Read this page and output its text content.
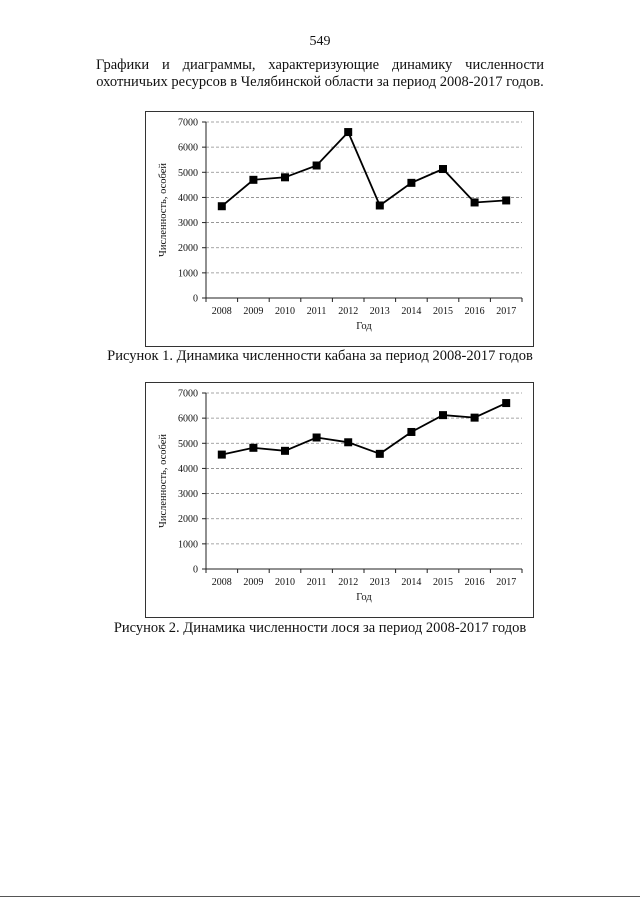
549
Графики и диаграммы, характеризующие динамику численности охотничьих ресурсов в Челябинской области за период 2008-2017 годов.
0
1000
2000
3000
4000
5000
6000
7000
2008 2009 2010 2011 2012 2013 2014 2015 2016 2017
Год
Численность, особей
Рисунок 1. Динамика численности кабана за период 2008-2017 годов
0
1000
2000
3000
4000
5000
6000
7000
2008 2009 2010 2011 2012 2013 2014 2015 2016 2017
Год
Численность, особей
Рисунок 2. Динамика численности лося за период 2008-2017 годов
